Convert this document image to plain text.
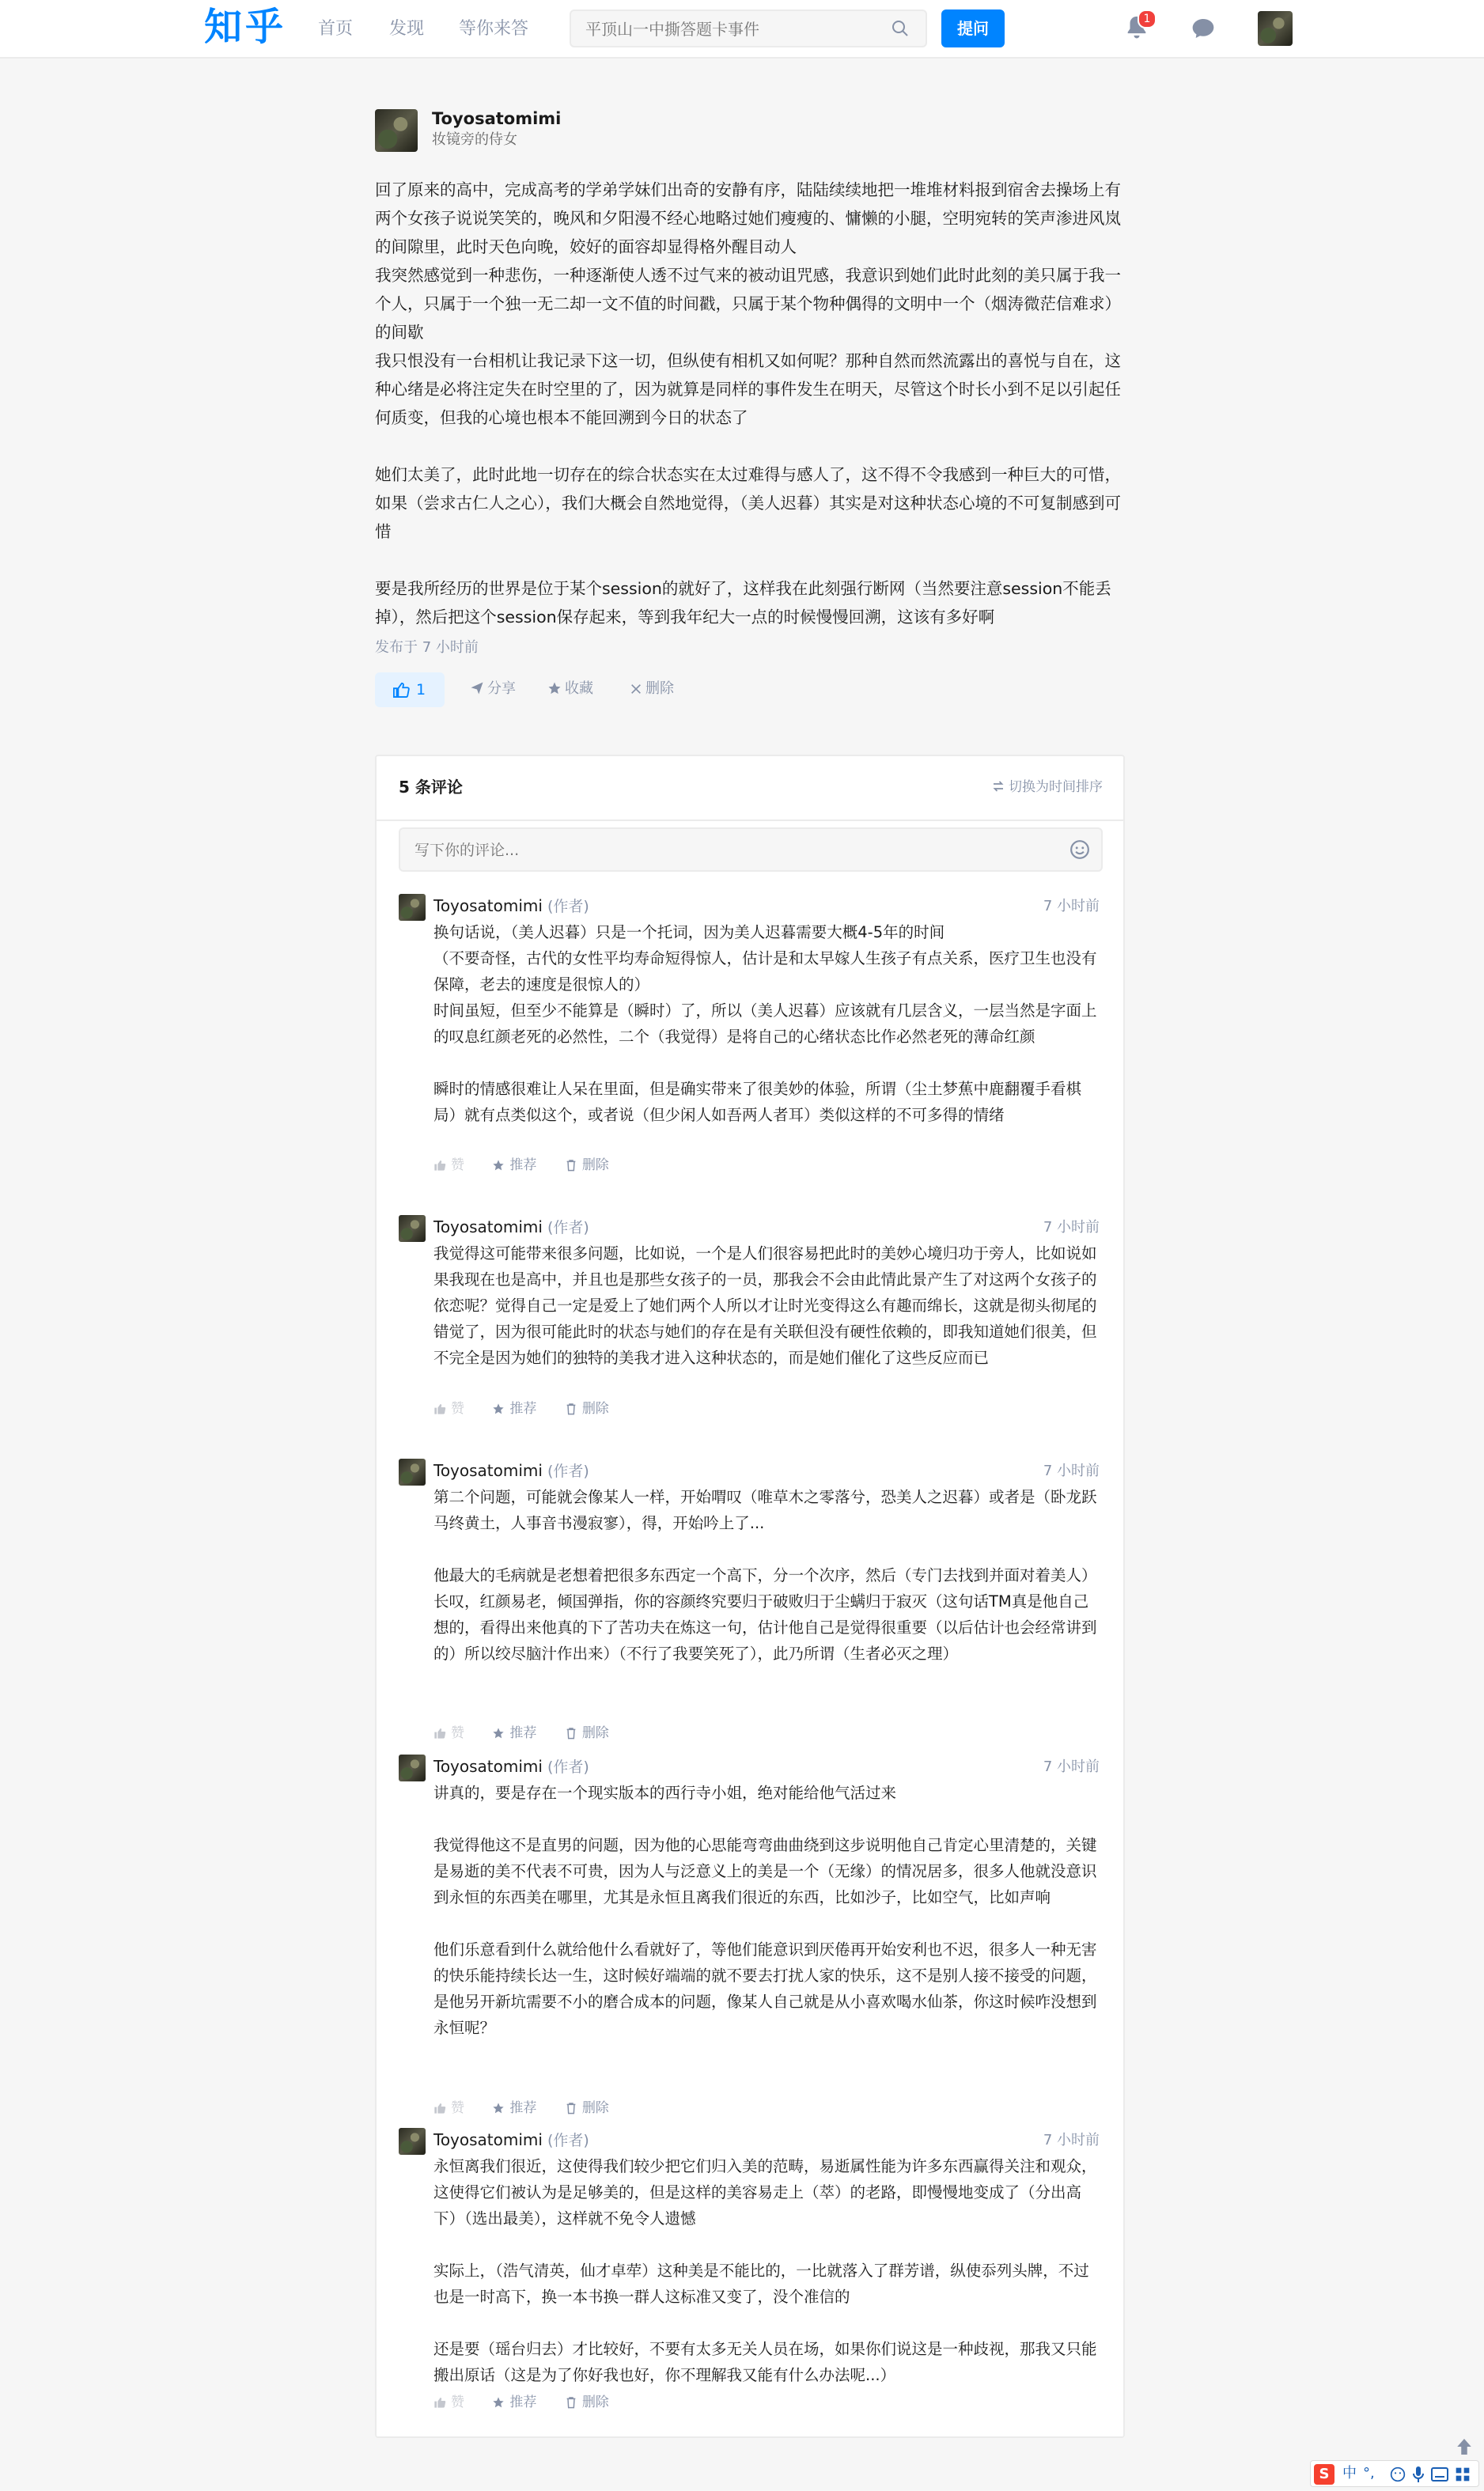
知乎 首页 发现 等你来答
平顶山一中撕答题卡事件	提问	1
Toyosatomimi
妆镜旁的侍女
回了原来的高中，完成高考的学弟学妹们出奇的安静有序，陆陆续续地把一堆堆材料报到宿舍去操场上有两个女孩子说说笑笑的，晚风和夕阳漫不经心地略过她们瘦瘦的、慵懒的小腿，空明宛转的笑声渗进风岚的间隙里，此时天色向晚，姣好的面容却显得格外醒目动人
我突然感觉到一种悲伤，一种逐渐使人透不过气来的被动诅咒感，我意识到她们此时此刻的美只属于我一个人，只属于一个独一无二却一文不值的时间戳，只属于某个物种偶得的文明中一个（烟涛微茫信难求）的间歇
我只恨没有一台相机让我记录下这一切，但纵使有相机又如何呢？那种自然而然流露出的喜悦与自在，这种心绪是必将注定失在时空里的了，因为就算是同样的事件发生在明天，尽管这个时长小到不足以引起任何质变，但我的心境也根本不能回溯到今日的状态了

她们太美了，此时此地一切存在的综合状态实在太过难得与感人了，这不得不令我感到一种巨大的可惜，如果（尝求古仁人之心），我们大概会自然地觉得，（美人迟暮）其实是对这种状态心境的不可复制感到可惜

要是我所经历的世界是位于某个session的就好了，这样我在此刻强行断网（当然要注意session不能丢掉），然后把这个session保存起来，等到我年纪大一点的时候慢慢回溯，这该有多好啊
发布于 7 小时前
1	分享	收藏	删除
5 条评论	切换为时间排序
写下你的评论...
Toyosatomimi (作者)	7 小时前
换句话说，（美人迟暮）只是一个托词，因为美人迟暮需要大概4-5年的时间
（不要奇怪，古代的女性平均寿命短得惊人，估计是和太早嫁人生孩子有点关系，医疗卫生也没有保障，老去的速度是很惊人的）
时间虽短，但至少不能算是（瞬时）了，所以（美人迟暮）应该就有几层含义，一层当然是字面上的叹息红颜老死的必然性，二个（我觉得）是将自己的心绪状态比作必然老死的薄命红颜

瞬时的情感很难让人呆在里面，但是确实带来了很美妙的体验，所谓（尘土梦蕉中鹿翻覆手看棋局）就有点类似这个，或者说（但少闲人如吾两人者耳）类似这样的不可多得的情绪
赞	推荐	删除
Toyosatomimi (作者)	7 小时前
我觉得这可能带来很多问题，比如说，一个是人们很容易把此时的美妙心境归功于旁人，比如说如果我现在也是高中，并且也是那些女孩子的一员，那我会不会由此情此景产生了对这两个女孩子的依恋呢？觉得自己一定是爱上了她们两个人所以才让时光变得这么有趣而绵长，这就是彻头彻尾的错觉了，因为很可能此时的状态与她们的存在是有关联但没有硬性依赖的，即我知道她们很美，但不完全是因为她们的独特的美我才进入这种状态的，而是她们催化了这些反应而已
赞	推荐	删除
Toyosatomimi (作者)	7 小时前
第二个问题，可能就会像某人一样，开始喟叹（唯草木之零落兮，恐美人之迟暮）或者是（卧龙跃马终黄土，人事音书漫寂寥），得，开始吟上了...

他最大的毛病就是老想着把很多东西定一个高下，分一个次序，然后（专门去找到并面对着美人）长叹，红颜易老，倾国弹指，你的容颜终究要归于破败归于尘螨归于寂灭（这句话TM真是他自己想的，看得出来他真的下了苦功夫在炼这一句，估计他自己是觉得很重要（以后估计也会经常讲到的）所以绞尽脑汁作出来）（不行了我要笑死了），此乃所谓（生者必灭之理）
赞	推荐	删除
Toyosatomimi (作者)	7 小时前
讲真的，要是存在一个现实版本的西行寺小姐，绝对能给他气活过来

我觉得他这不是直男的问题，因为他的心思能弯弯曲曲绕到这步说明他自己肯定心里清楚的，关键是易逝的美不代表不可贵，因为人与泛意义上的美是一个（无缘）的情况居多，很多人他就没意识到永恒的东西美在哪里，尤其是永恒且离我们很近的东西，比如沙子，比如空气，比如声响

他们乐意看到什么就给他什么看就好了，等他们能意识到厌倦再开始安利也不迟，很多人一种无害的快乐能持续长达一生，这时候好端端的就不要去打扰人家的快乐，这不是别人接不接受的问题，是他另开新坑需要不小的磨合成本的问题，像某人自己就是从小喜欢喝水仙茶，你这时候咋没想到永恒呢？
赞	推荐	删除
Toyosatomimi (作者)	7 小时前
永恒离我们很近，这使得我们较少把它们归入美的范畴，易逝属性能为许多东西赢得关注和观众，这使得它们被认为是足够美的，但是这样的美容易走上（萃）的老路，即慢慢地变成了（分出高下）（选出最美），这样就不免令人遗憾

实际上，（浩气清英，仙才卓荦）这种美是不能比的，一比就落入了群芳谱，纵使忝列头牌，不过也是一时高下，换一本书换一群人这标准又变了，没个准信的

还是要（瑶台归去）才比较好，不要有太多无关人员在场，如果你们说这是一种歧视，那我又只能搬出原话（这是为了你好我也好，你不理解我又能有什么办法呢...）
赞	推荐	删除
S 中 °,
